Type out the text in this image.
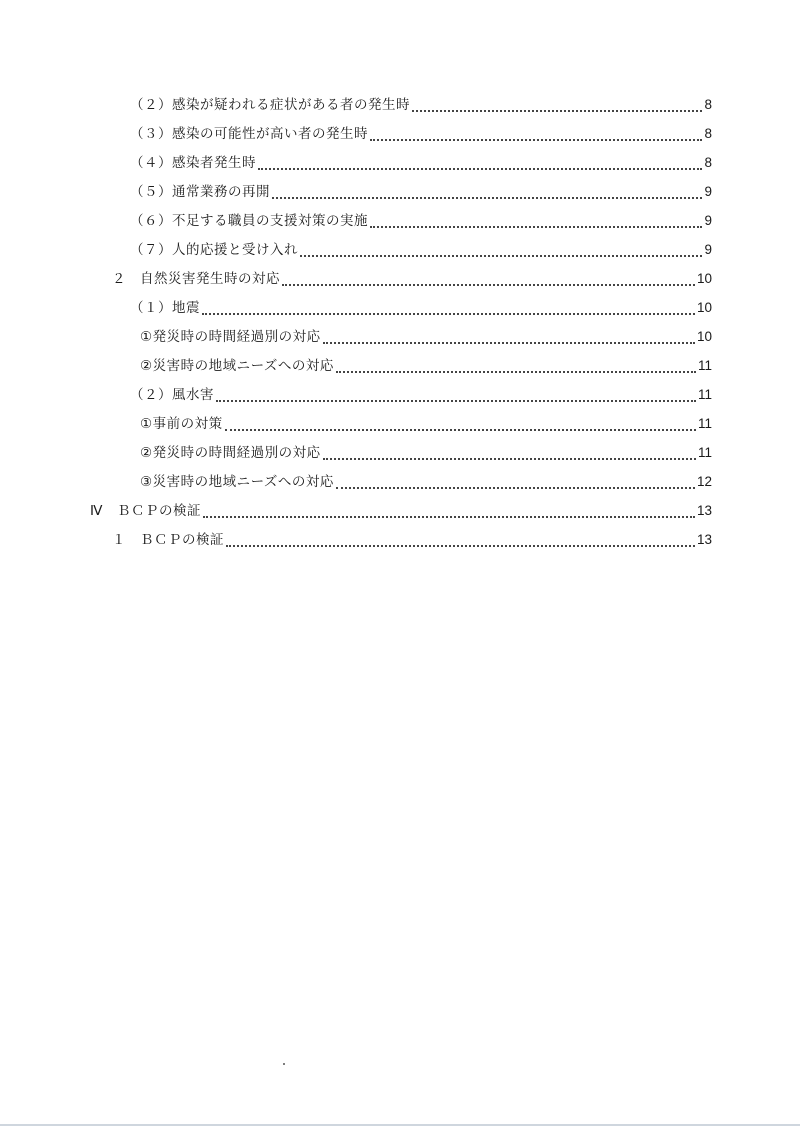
（２）感染が疑われる症状がある者の発生時	8
（３）感染の可能性が高い者の発生時	8
（４）感染者発生時	8
（５）通常業務の再開	9
（６）不足する職員の支援対策の実施	9
（７）人的応援と受け入れ	9
２　自然災害発生時の対応	10
（１）地震	10
①発災時の時間経過別の対応	10
②災害時の地域ニーズへの対応	11
（２）風水害	11
①事前の対策	11
②発災時の時間経過別の対応	11
③災害時の地域ニーズへの対応	12
Ⅳ　ＢＣＰの検証	13
１　ＢＣＰの検証	13
